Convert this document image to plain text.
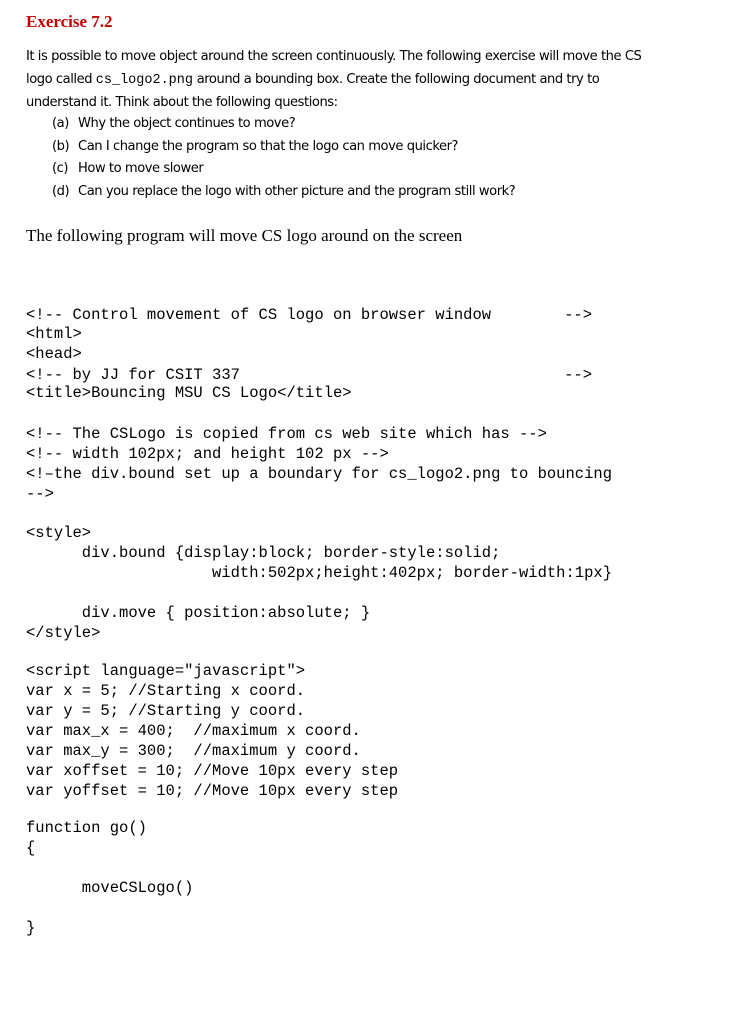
Exercise 7.2
It is possible to move object around the screen continuously. The following exercise will move the CS
logo called cs_logo2.png around a bounding box. Create the following document and try to
understand it. Think about the following questions:
(a) Why the object continues to move?
(b) Can I change the program so that the logo can move quicker?
(c) How to move slower
(d) Can you replace the logo with other picture and the program still work?
The following program will move CS logo around on the screen

<!-- Control movement of CS logo on browser window	-->

<!-- by JJ for CSIT 337	-->

<html>
<head>
<title>Bouncing MSU CS Logo</title>
<!-- The CSLogo is copied from cs web site which has -->
<!-- width 102px; and height 102 px -->
<!–the div.bound set up a boundary for cs_logo2.png to bouncing
-->
<style>
div.bound {display:block; border-style:solid;
width:502px;height:402px; border-width:1px}

div.move { position:absolute; }
</style>
<script language="javascript">
var x = 5; //Starting x coord.
var y = 5; //Starting y coord.
var max_x = 400;  //maximum x coord.
var max_y = 300;  //maximum y coord.
var xoffset = 10; //Move 10px every step
var yoffset = 10; //Move 10px every step
function go()
{

moveCSLogo()

}
